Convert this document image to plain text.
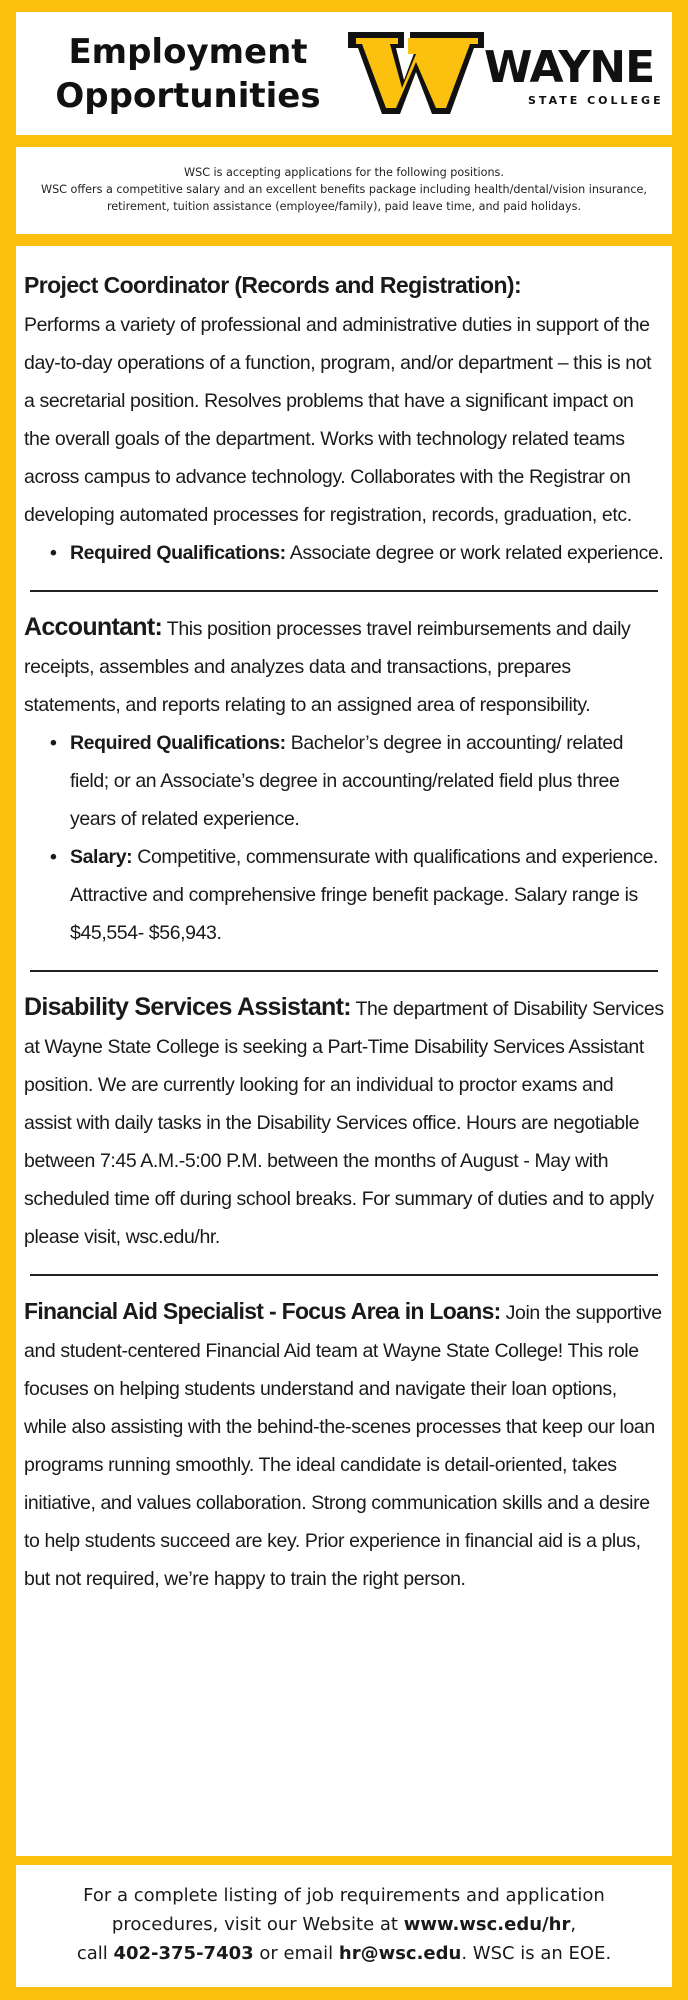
Employment
Opportunities
WAYNE
STATE COLLEGE

WSC is accepting applications for the following positions.

WSC offers a competitive salary and an excellent benefits package including health/dental/vision insurance, retirement, tuition assistance (employee/family), paid leave time, and paid holidays.

Project Coordinator (Records and Registration):
Performs a variety of professional and administrative duties in support of the day-to-day operations of a function, program, and/or department – this is not a secretarial position. Resolves problems that have a significant impact on the overall goals of the department. Works with technology related teams across campus to advance technology. Collaborates with the Registrar on developing automated processes for registration, records, graduation, etc.

• Required Qualifications: Associate degree or work related experience.

Accountant: This position processes travel reimbursements and daily receipts, assembles and analyzes data and transactions, prepares statements, and reports relating to an assigned area of responsibility.

• Required Qualifications: Bachelor’s degree in accounting/ related field; or an Associate’s degree in accounting/related field plus three years of related experience.
• Salary: Competitive, commensurate with qualifications and experience. Attractive and comprehensive fringe benefit package. Salary range is $45,554- $56,943.

Disability Services Assistant: The department of Disability Services at Wayne State College is seeking a Part-Time Disability Services Assistant position. We are currently looking for an individual to proctor exams and assist with daily tasks in the Disability Services office. Hours are negotiable between 7:45 A.M.-5:00 P.M. between the months of August - May with scheduled time off during school breaks. For summary of duties and to apply please visit, wsc.edu/hr.

Financial Aid Specialist - Focus Area in Loans: Join the supportive and student-centered Financial Aid team at Wayne State College! This role focuses on helping students understand and navigate their loan options, while also assisting with the behind-the-scenes processes that keep our loan programs running smoothly. The ideal candidate is detail-oriented, takes initiative, and values collaboration. Strong communication skills and a desire to help students succeed are key. Prior experience in financial aid is a plus, but not required, we’re happy to train the right person.

For a complete listing of job requirements and application

procedures, visit our Website at www.wsc.edu/hr,

call 402-375-7403 or email hr@wsc.edu. WSC is an EOE.
